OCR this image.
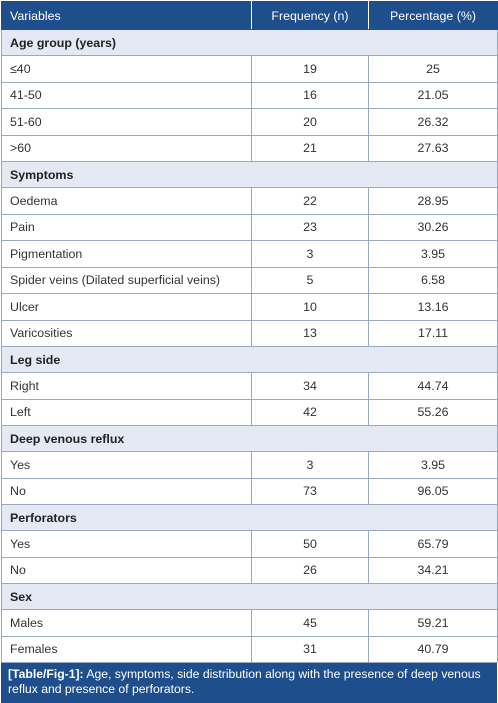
Variables	Frequency (n)	Percentage (%)
Age group (years)		
≤40	19	25
41-50	16	21.05
51-60	20	26.32
>60	21	27.63
Symptoms		
Oedema	22	28.95
Pain	23	30.26
Pigmentation	3	3.95
Spider veins (Dilated superficial veins)	5	6.58
Ulcer	10	13.16
Varicosities	13	17.11
Leg side		
Right	34	44.74
Left	42	55.26
Deep venous reflux		
Yes	3	3.95
No	73	96.05
Perforators		
Yes	50	65.79
No	26	34.21
Sex		
Males	45	59.21
Females	31	40.79
[Table/Fig-1]: Age, symptoms, side distribution along with the presence of deep venous reflux and presence of perforators.
